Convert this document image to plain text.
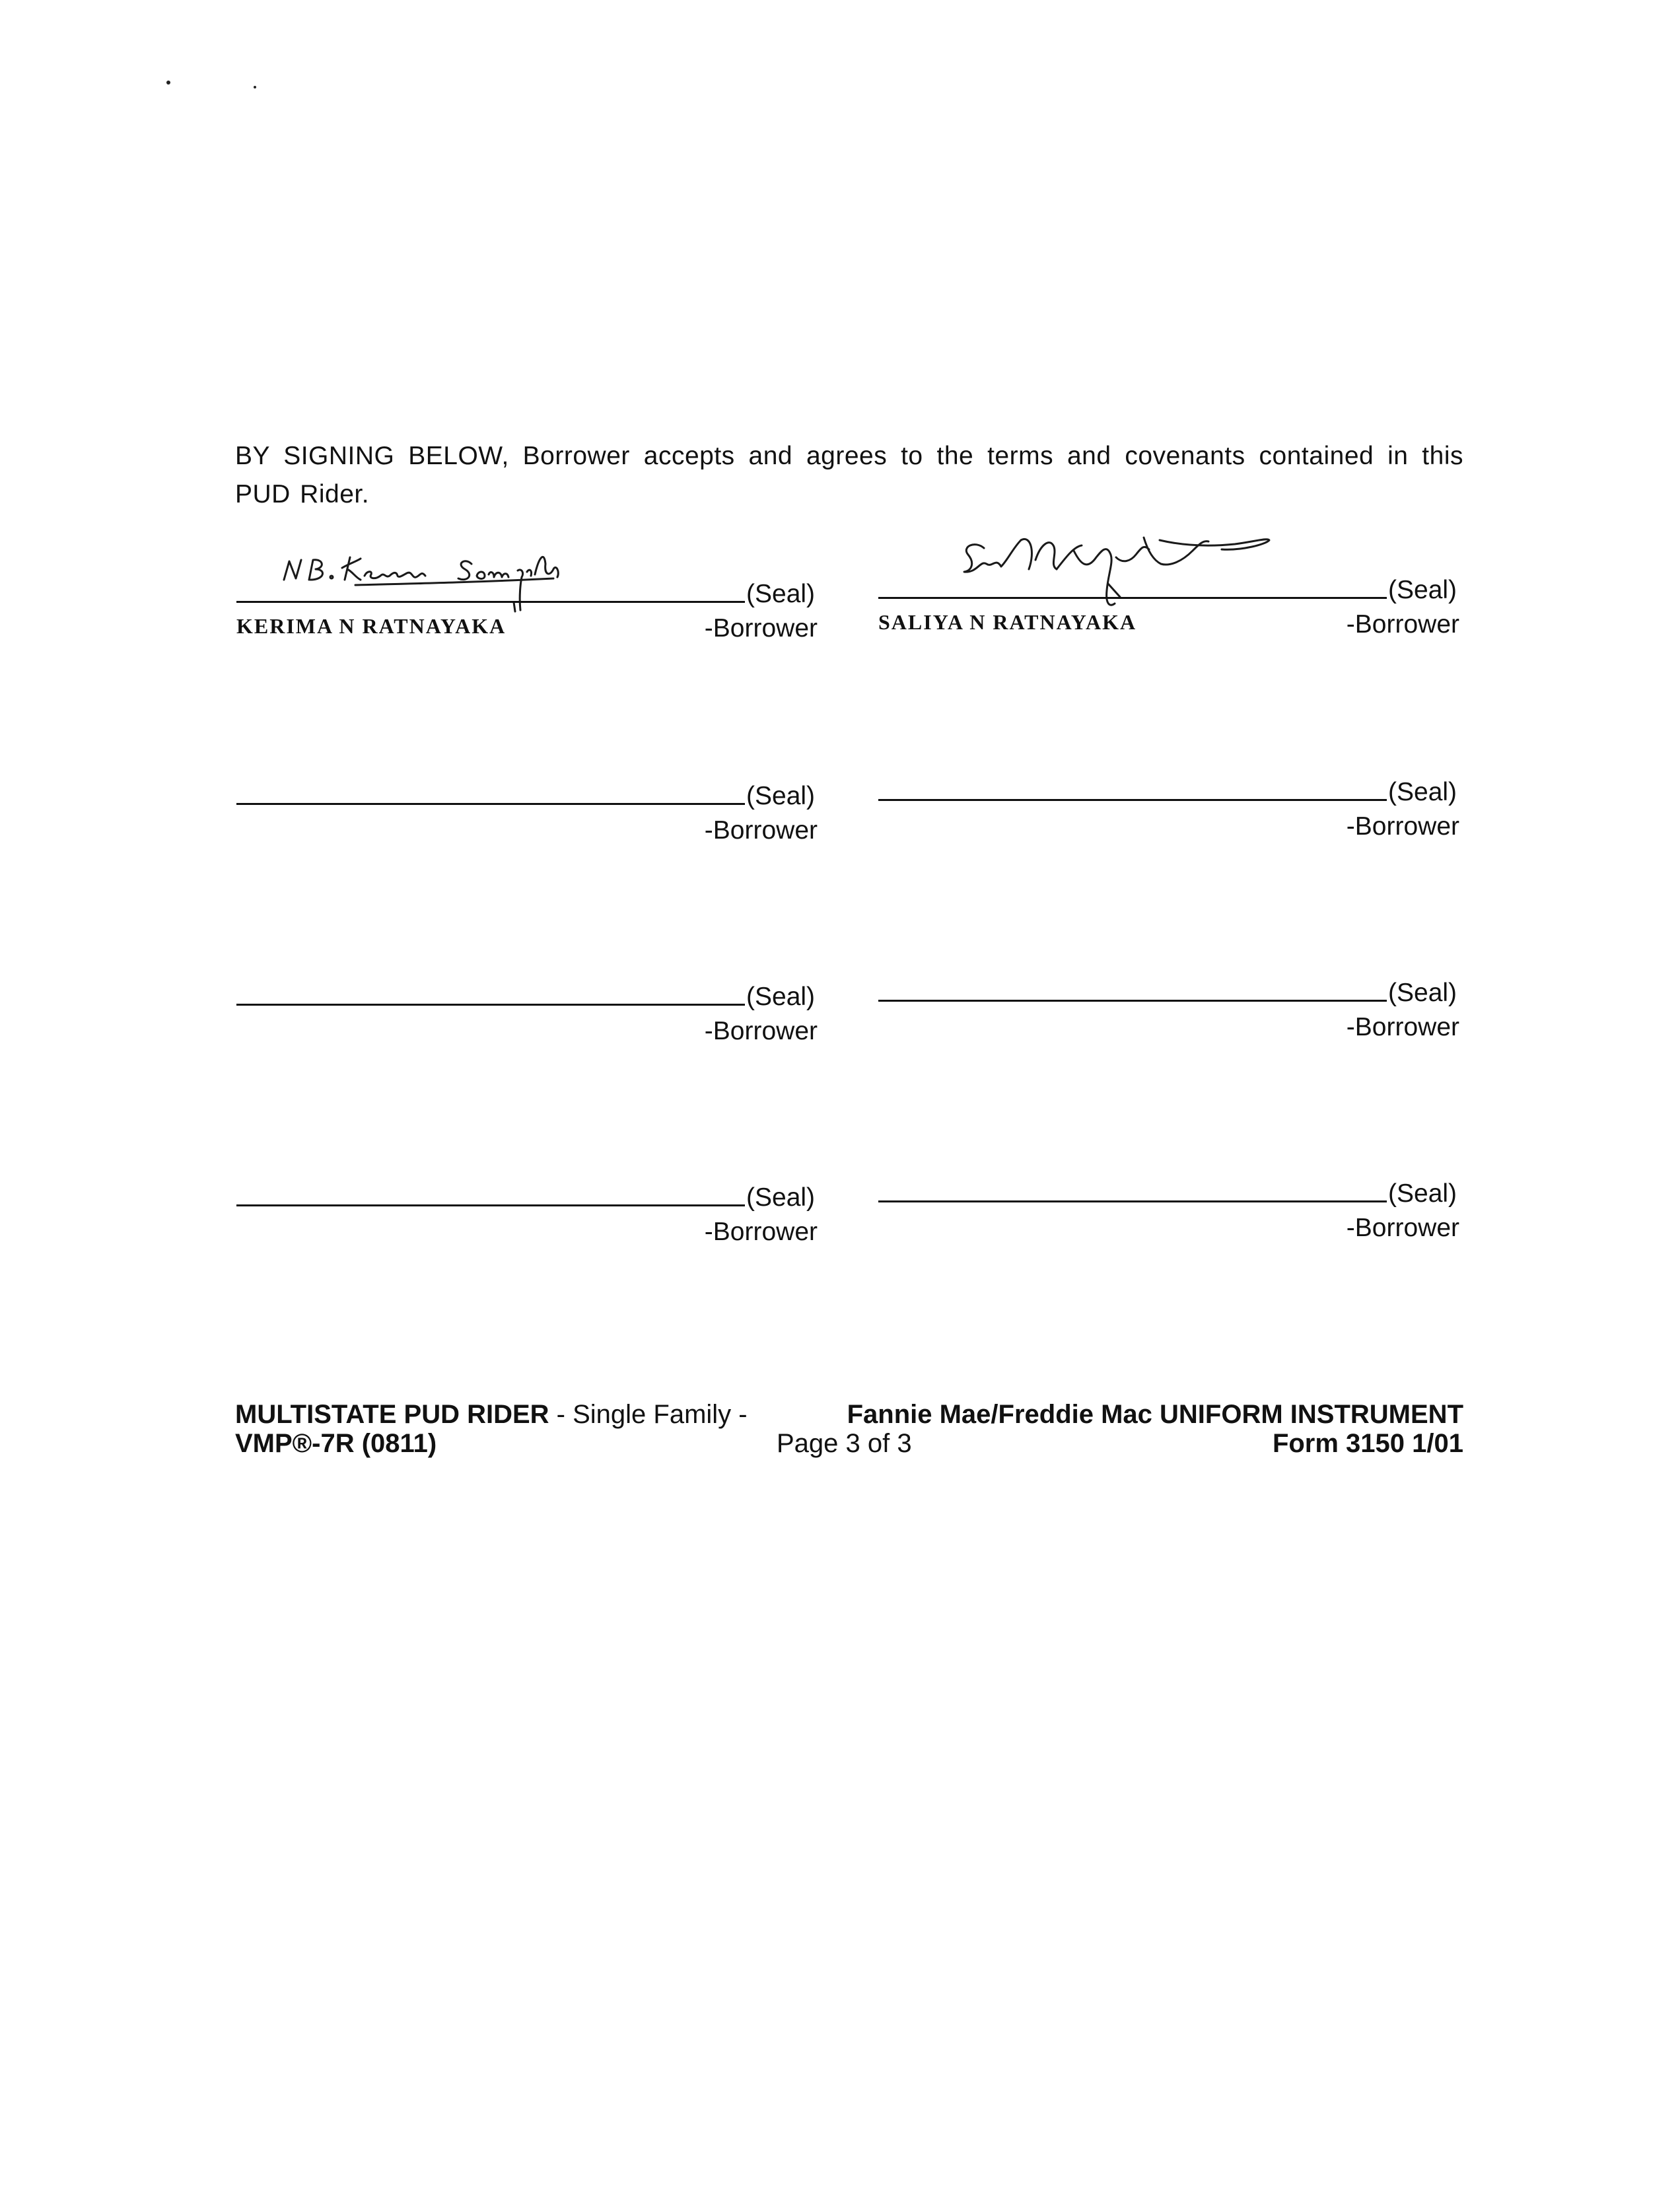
BY SIGNING BELOW, Borrower accepts and agrees to the terms and covenants contained in this PUD Rider.
(Seal)
KERIMA N RATNAYAKA	-Borrower
(Seal)
SALIYA N RATNAYAKA	-Borrower
(Seal)
-Borrower
(Seal)
-Borrower
(Seal)
-Borrower
(Seal)
-Borrower
(Seal)
-Borrower
(Seal)
-Borrower
MULTISTATE PUD RIDER - Single Family -	Fannie Mae/Freddie Mac UNIFORM INSTRUMENT
VMP®-7R (0811)	Page 3 of 3	Form 3150 1/01
